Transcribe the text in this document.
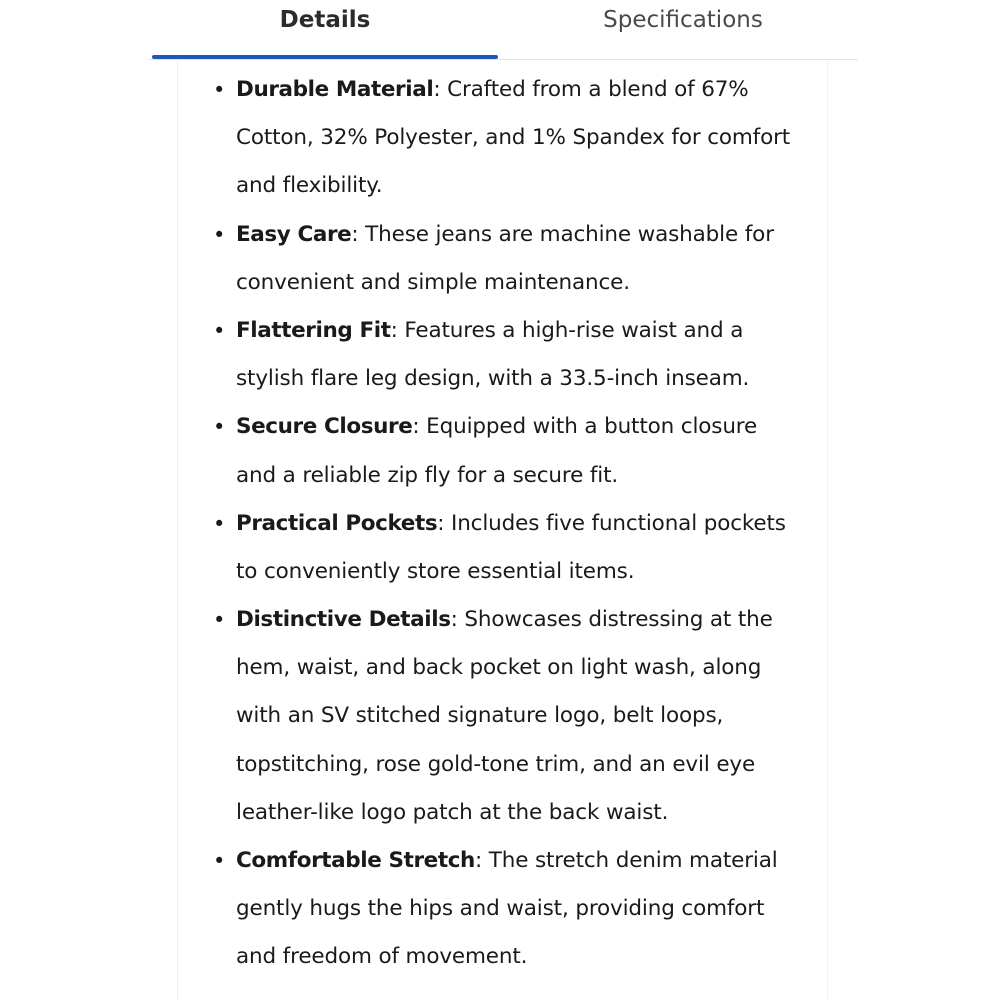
Details	Specifications
• Durable Material: Crafted from a blend of 67%
Cotton, 32% Polyester, and 1% Spandex for comfort
and flexibility.
• Easy Care: These jeans are machine washable for
convenient and simple maintenance.
• Flattering Fit: Features a high-rise waist and a
stylish flare leg design, with a 33.5-inch inseam.
• Secure Closure: Equipped with a button closure
and a reliable zip fly for a secure fit.
• Practical Pockets: Includes five functional pockets
to conveniently store essential items.
• Distinctive Details: Showcases distressing at the
hem, waist, and back pocket on light wash, along
with an SV stitched signature logo, belt loops,
topstitching, rose gold-tone trim, and an evil eye
leather-like logo patch at the back waist.
• Comfortable Stretch: The stretch denim material
gently hugs the hips and waist, providing comfort
and freedom of movement.
